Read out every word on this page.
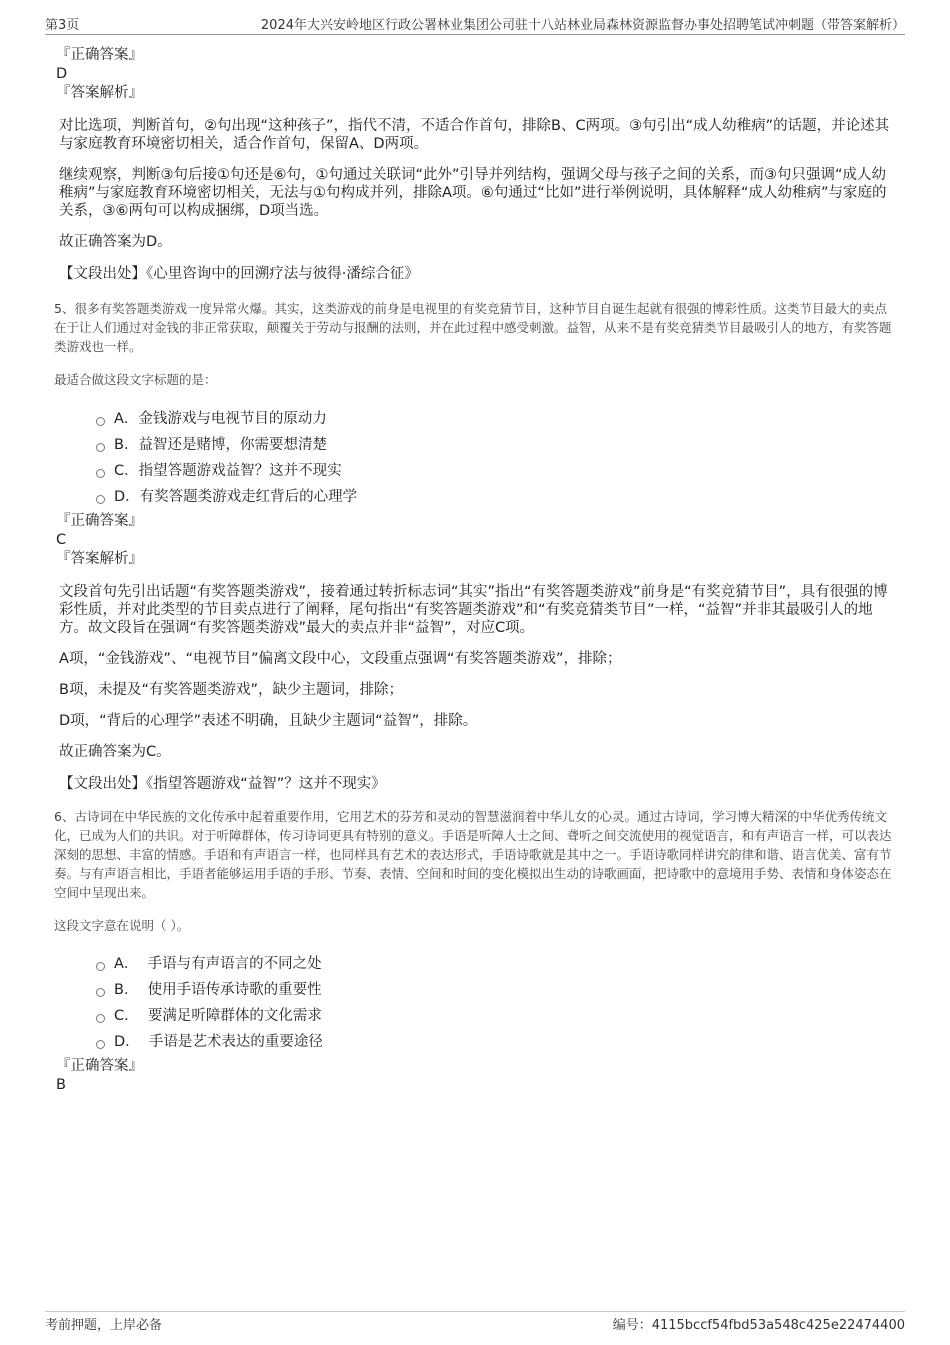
第3页	2024年大兴安岭地区行政公署林业集团公司驻十八站林业局森林资源监督办事处招聘笔试冲刺题（带答案解析）
『正确答案』
D
『答案解析』

对比选项，判断首句，②句出现“这种孩子”，指代不清，不适合作首句，排除B、C两项。③句引出“成人幼稚病”的话题，并论述其与家庭教育环境密切相关，适合作首句，保留A、D两项。

继续观察，判断③句后接①句还是⑥句，①句通过关联词“此外”引导并列结构，强调父母与孩子之间的关系，而③句只强调“成人幼稚病”与家庭教育环境密切相关，无法与①句构成并列，排除A项。⑥句通过“比如”进行举例说明，具体解释“成人幼稚病”与家庭的关系，③⑥两句可以构成捆绑，D项当选。

故正确答案为D。

【文段出处】《心里咨询中的回溯疗法与彼得·潘综合征》
5、很多有奖答题类游戏一度异常火爆。其实，这类游戏的前身是电视里的有奖竞猜节目，这种节目自诞生起就有很强的博彩性质。这类节目最大的卖点在于让人们通过对金钱的非正常获取，颠覆关于劳动与报酬的法则，并在此过程中感受刺激。益智，从来不是有奖竞猜类节目最吸引人的地方，有奖答题类游戏也一样。
最适合做这段文字标题的是：
A．金钱游戏与电视节目的原动力
B．益智还是赌博，你需要想清楚
C．指望答题游戏益智？这并不现实
D．有奖答题类游戏走红背后的心理学
『正确答案』
C
『答案解析』

文段首句先引出话题“有奖答题类游戏”，接着通过转折标志词“其实”指出“有奖答题类游戏”前身是“有奖竞猜节目”，具有很强的博彩性质，并对此类型的节目卖点进行了阐释，尾句指出“有奖答题类游戏”和“有奖竞猜类节目”一样，“益智”并非其最吸引人的地方。故文段旨在强调“有奖答题类游戏”最大的卖点并非“益智”，对应C项。

A项，“金钱游戏”、“电视节目”偏离文段中心，文段重点强调“有奖答题类游戏”，排除；

B项，未提及“有奖答题类游戏”，缺少主题词，排除；

D项，“背后的心理学”表述不明确，且缺少主题词“益智”，排除。

故正确答案为C。

【文段出处】《指望答题游戏“益智”？这并不现实》
6、古诗词在中华民族的文化传承中起着重要作用，它用艺术的芬芳和灵动的智慧滋润着中华儿女的心灵。通过古诗词，学习博大精深的中华优秀传统文化，已成为人们的共识。对于听障群体，传习诗词更具有特别的意义。手语是听障人士之间、聋听之间交流使用的视觉语言，和有声语言一样，可以表达深刻的思想、丰富的情感。手语和有声语言一样，也同样具有艺术的表达形式，手语诗歌就是其中之一。手语诗歌同样讲究韵律和谐、语言优美、富有节奏。与有声语言相比，手语者能够运用手语的手形、节奏、表情、空间和时间的变化模拟出生动的诗歌画面，把诗歌中的意境用手势、表情和身体姿态在空间中呈现出来。
这段文字意在说明（ ）。
A．  手语与有声语言的不同之处
B．  使用手语传承诗歌的重要性
C．  要满足听障群体的文化需求
D．  手语是艺术表达的重要途径
『正确答案』
B
考前押题，上岸必备	编号：4115bccf54fbd53a548c425e22474400
